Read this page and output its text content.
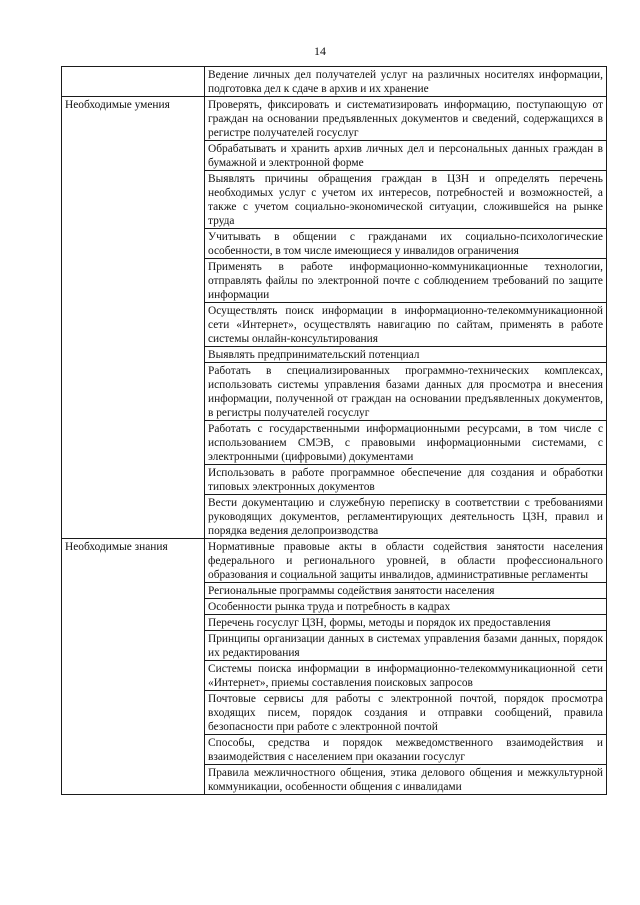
14
	Ведение личных дел получателей услуг на различных носителях информации, подготовка дел к сдаче в архив и их хранение
Необходимые умения	Проверять, фиксировать и систематизировать информацию, поступающую от граждан на основании предъявленных документов и сведений, содержащихся в регистре получателей госуслуг
	Обрабатывать и хранить архив личных дел и персональных данных граждан в бумажной и электронной форме
	Выявлять причины обращения граждан в ЦЗН и определять перечень необходимых услуг с учетом их интересов, потребностей и возможностей, а также с учетом социально-экономической ситуации, сложившейся на рынке труда
	Учитывать в общении с гражданами их социально-психологические особенности, в том числе имеющиеся у инвалидов ограничения
	Применять в работе информационно-коммуникационные технологии, отправлять файлы по электронной почте с соблюдением требований по защите информации
	Осуществлять поиск информации в информационно-телекоммуникационной сети «Интернет», осуществлять навигацию по сайтам, применять в работе системы онлайн-консультирования
	Выявлять предпринимательский потенциал
	Работать в специализированных программно-технических комплексах, использовать системы управления базами данных для просмотра и внесения информации, полученной от граждан на основании предъявленных документов, в регистры получателей госуслуг
	Работать с государственными информационными ресурсами, в том числе с использованием СМЭВ, с правовыми информационными системами, с электронными (цифровыми) документами
	Использовать в работе программное обеспечение для создания и обработки типовых электронных документов
	Вести документацию и служебную переписку в соответствии с требованиями руководящих документов, регламентирующих деятельность ЦЗН, правил и порядка ведения делопроизводства
Необходимые знания	Нормативные правовые акты в области содействия занятости населения федерального и регионального уровней, в области профессионального образования и социальной защиты инвалидов, административные регламенты
	Региональные программы содействия занятости населения
	Особенности рынка труда и потребность в кадрах
	Перечень госуслуг ЦЗН, формы, методы и порядок их предоставления
	Принципы организации данных в системах управления базами данных, порядок их редактирования
	Системы поиска информации в информационно-телекоммуникационной сети «Интернет», приемы составления поисковых запросов
	Почтовые сервисы для работы с электронной почтой, порядок просмотра входящих писем, порядок создания и отправки сообщений, правила безопасности при работе с электронной почтой
	Способы, средства и порядок межведомственного взаимодействия и взаимодействия с населением при оказании госуслуг
	Правила межличностного общения, этика делового общения и межкультурной коммуникации, особенности общения с инвалидами
